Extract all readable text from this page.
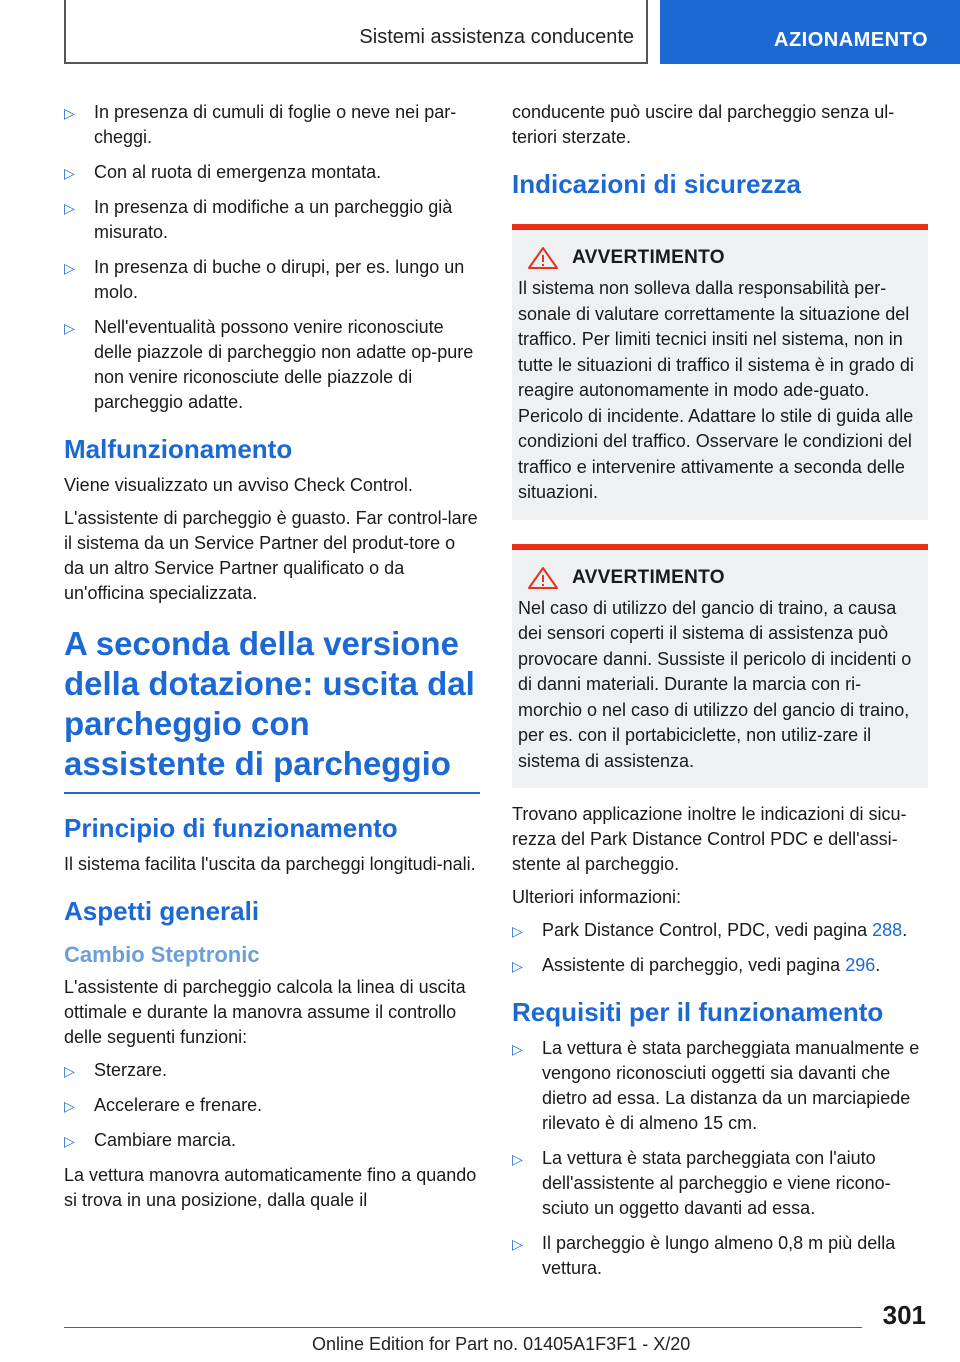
Sistemi assistenza conducente	AZIONAMENTO
▷ In presenza di cumuli di foglie o neve nei par-cheggi.
▷ Con al ruota di emergenza montata.
▷ In presenza di modifiche a un parcheggio già misurato.
▷ In presenza di buche o dirupi, per es. lungo un molo.
▷ Nell'eventualità possono venire riconosciute delle piazzole di parcheggio non adatte op-pure non venire riconosciute delle piazzole di parcheggio adatte.
Malfunzionamento

Viene visualizzato un avviso Check Control.

L'assistente di parcheggio è guasto. Far control-lare il sistema da un Service Partner del produt-tore o da un altro Service Partner qualificato o da un'officina specializzata.

A seconda della versione della dotazione: uscita dal parcheggio con assistente di parcheggio
Principio di funzionamento

Il sistema facilita l'uscita da parcheggi longitudi-nali.

Aspetti generali
Cambio Steptronic

L'assistente di parcheggio calcola la linea di uscita ottimale e durante la manovra assume il controllo delle seguenti funzioni:

▷ Sterzare.
▷ Accelerare e frenare.
▷ Cambiare marcia.

La vettura manovra automaticamente fino a quando si trova in una posizione, dalla quale il

conducente può uscire dal parcheggio senza ul-teriori sterzate.

Indicazioni di sicurezza
AVVERTIMENTO

Il sistema non solleva dalla responsabilità per-sonale di valutare correttamente la situazione del traffico. Per limiti tecnici insiti nel sistema, non in tutte le situazioni di traffico il sistema è in grado di reagire autonomamente in modo ade-guato. Pericolo di incidente. Adattare lo stile di guida alle condizioni del traffico. Osservare le condizioni del traffico e intervenire attivamente a seconda delle situazioni.

AVVERTIMENTO

Nel caso di utilizzo del gancio di traino, a causa dei sensori coperti il sistema di assistenza può provocare danni. Sussiste il pericolo di incidenti o di danni materiali. Durante la marcia con ri-morchio o nel caso di utilizzo del gancio di traino, per es. con il portabiciclette, non utiliz-zare il sistema di assistenza.

Trovano applicazione inoltre le indicazioni di sicu-rezza del Park Distance Control PDC e dell'assi-stente al parcheggio.

Ulteriori informazioni:

▷ Park Distance Control, PDC, vedi pagina 288.
▷ Assistente di parcheggio, vedi pagina 296.
Requisiti per il funzionamento
▷ La vettura è stata parcheggiata manualmente e vengono riconosciuti oggetti sia davanti che dietro ad essa. La distanza da un marciapiede rilevato è di almeno 15 cm.
▷ La vettura è stata parcheggiata con l'aiuto dell'assistente al parcheggio e viene ricono-sciuto un oggetto davanti ad essa.
▷ Il parcheggio è lungo almeno 0,8 m più della vettura.
301
Online Edition for Part no. 01405A1F3F1 - X/20
